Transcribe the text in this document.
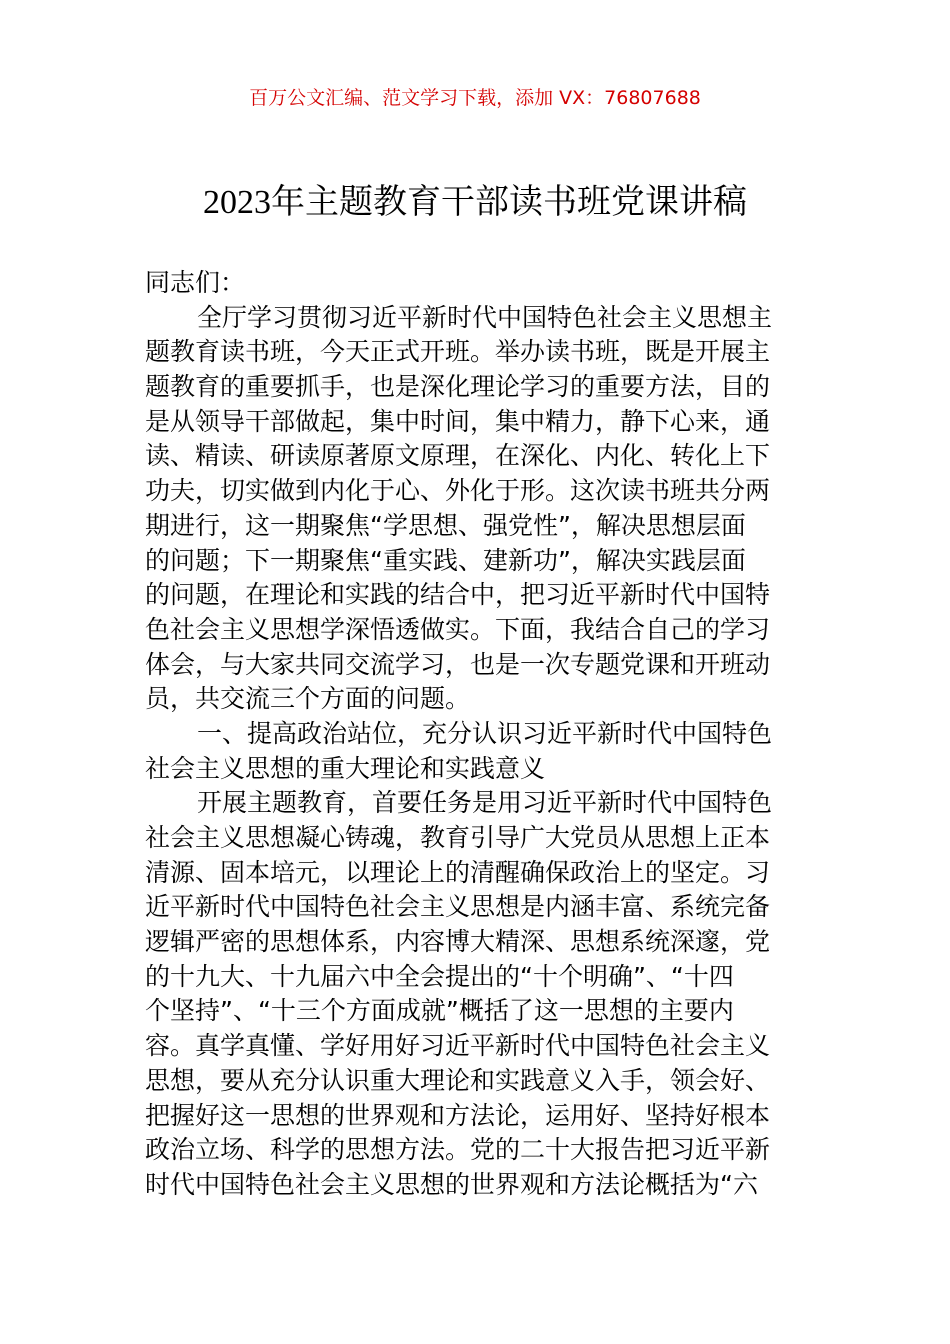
百万公文汇编、范文学习下载，添加 VX：76807688
2023年主题教育干部读书班党课讲稿
同志们：
全厅学习贯彻习近平新时代中国特色社会主义思想主
题教育读书班，今天正式开班。举办读书班，既是开展主
题教育的重要抓手，也是深化理论学习的重要方法，目的
是从领导干部做起，集中时间，集中精力，静下心来，通
读、精读、研读原著原文原理，在深化、内化、转化上下
功夫，切实做到内化于心、外化于形。这次读书班共分两
期进行，这一期聚焦“学思想、强党性”，解决思想层面
的问题；下一期聚焦“重实践、建新功”，解决实践层面
的问题，在理论和实践的结合中，把习近平新时代中国特
色社会主义思想学深悟透做实。下面，我结合自己的学习
体会，与大家共同交流学习，也是一次专题党课和开班动
员，共交流三个方面的问题。
一、提高政治站位，充分认识习近平新时代中国特色
社会主义思想的重大理论和实践意义
开展主题教育，首要任务是用习近平新时代中国特色
社会主义思想凝心铸魂，教育引导广大党员从思想上正本
清源、固本培元，以理论上的清醒确保政治上的坚定。习
近平新时代中国特色社会主义思想是内涵丰富、系统完备
逻辑严密的思想体系，内容博大精深、思想系统深邃，党
的十九大、十九届六中全会提出的“十个明确”、“十四
个坚持”、“十三个方面成就”概括了这一思想的主要内
容。真学真懂、学好用好习近平新时代中国特色社会主义
思想，要从充分认识重大理论和实践意义入手，领会好、
把握好这一思想的世界观和方法论，运用好、坚持好根本
政治立场、科学的思想方法。党的二十大报告把习近平新
时代中国特色社会主义思想的世界观和方法论概括为“六
